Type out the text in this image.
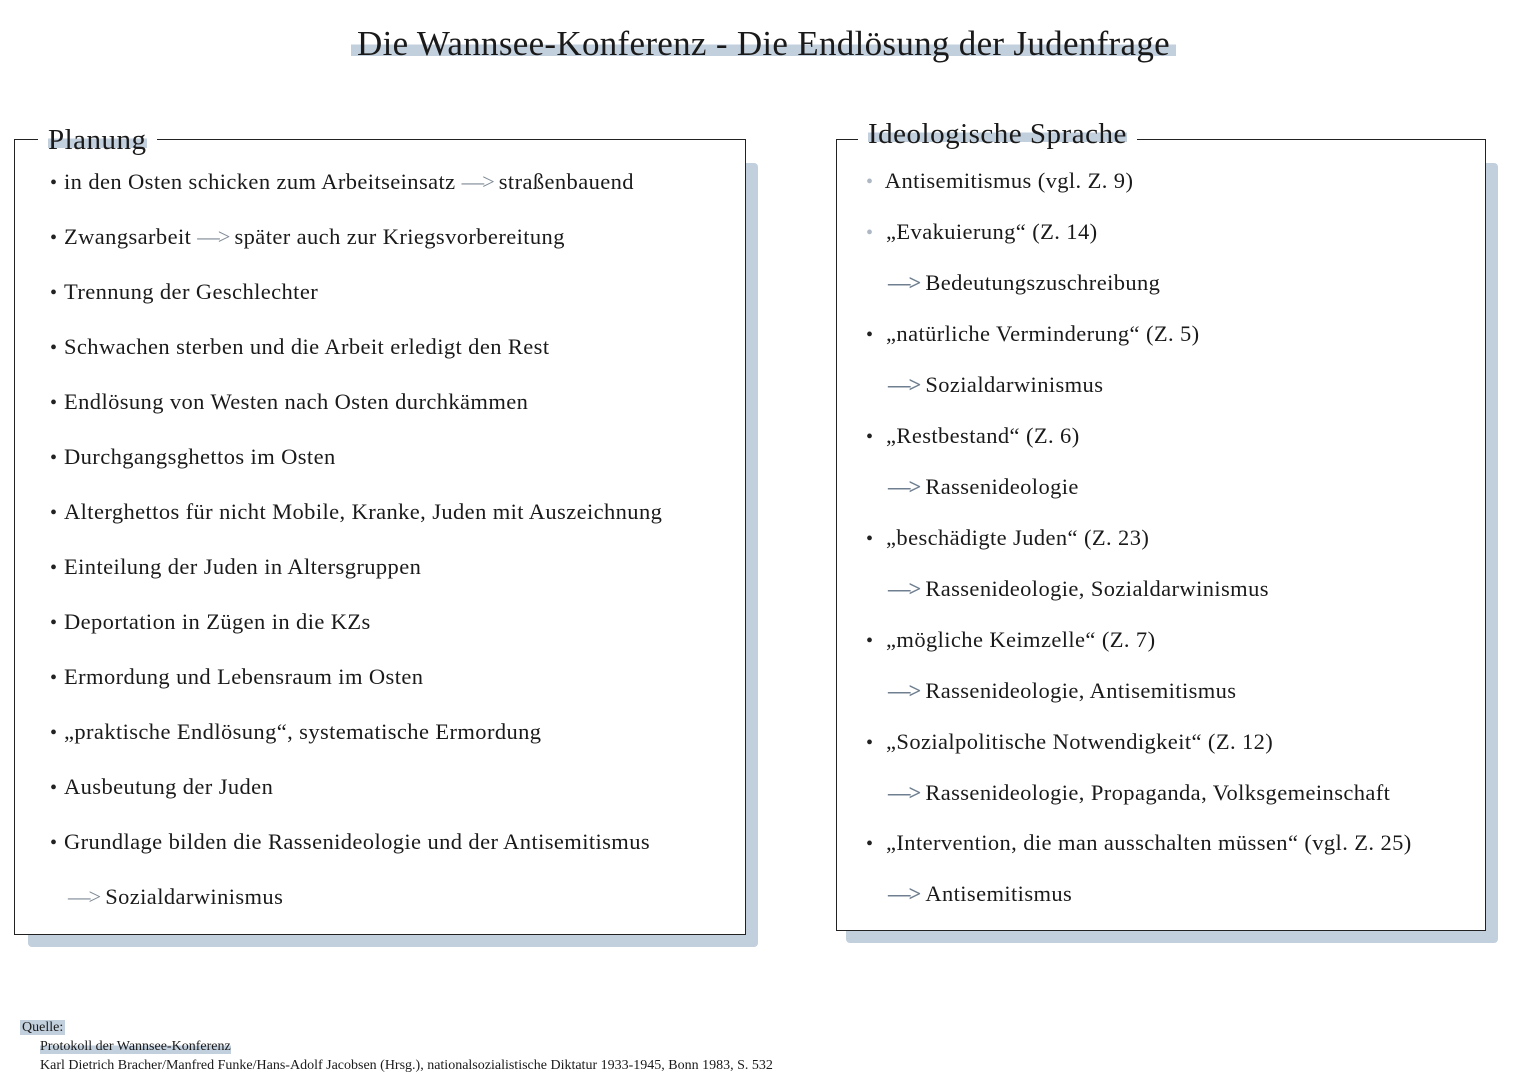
Die Wannsee-Konferenz - Die Endlösung der Judenfrage
Planung
• in den Osten schicken zum Arbeitseinsatz —> straßenbauend
• Zwangsarbeit —> später auch zur Kriegsvorbereitung
• Trennung der Geschlechter
• Schwachen sterben und die Arbeit erledigt den Rest
• Endlösung von Westen nach Osten durchkämmen
• Durchgangsghettos im Osten
• Alterghettos für nicht Mobile, Kranke, Juden mit Auszeichnung
• Einteilung der Juden in Altersgruppen
• Deportation in Zügen in die KZs
• Ermordung und Lebensraum im Osten
• „praktische Endlösung“, systematische Ermordung
• Ausbeutung der Juden
• Grundlage bilden die Rassenideologie und der Antisemitismus
—> Sozialdarwinismus
Ideologische Sprache
• Antisemitismus (vgl. Z. 9)
• „Evakuierung“ (Z. 14)
—> Bedeutungszuschreibung
• „natürliche Verminderung“ (Z. 5)
—> Sozialdarwinismus
• „Restbestand“ (Z. 6)
—> Rassenideologie
• „beschädigte Juden“ (Z. 23)
—> Rassenideologie, Sozialdarwinismus
• „mögliche Keimzelle“ (Z. 7)
—> Rassenideologie, Antisemitismus
• „Sozialpolitische Notwendigkeit“ (Z. 12)
—> Rassenideologie, Propaganda, Volksgemeinschaft
• „Intervention, die man ausschalten müssen“ (vgl. Z. 25)
—> Antisemitismus
Quelle:
Protokoll der Wannsee-Konferenz
Karl Dietrich Bracher/Manfred Funke/Hans-Adolf Jacobsen (Hrsg.), nationalsozialistische Diktatur 1933-1945, Bonn 1983, S. 532
